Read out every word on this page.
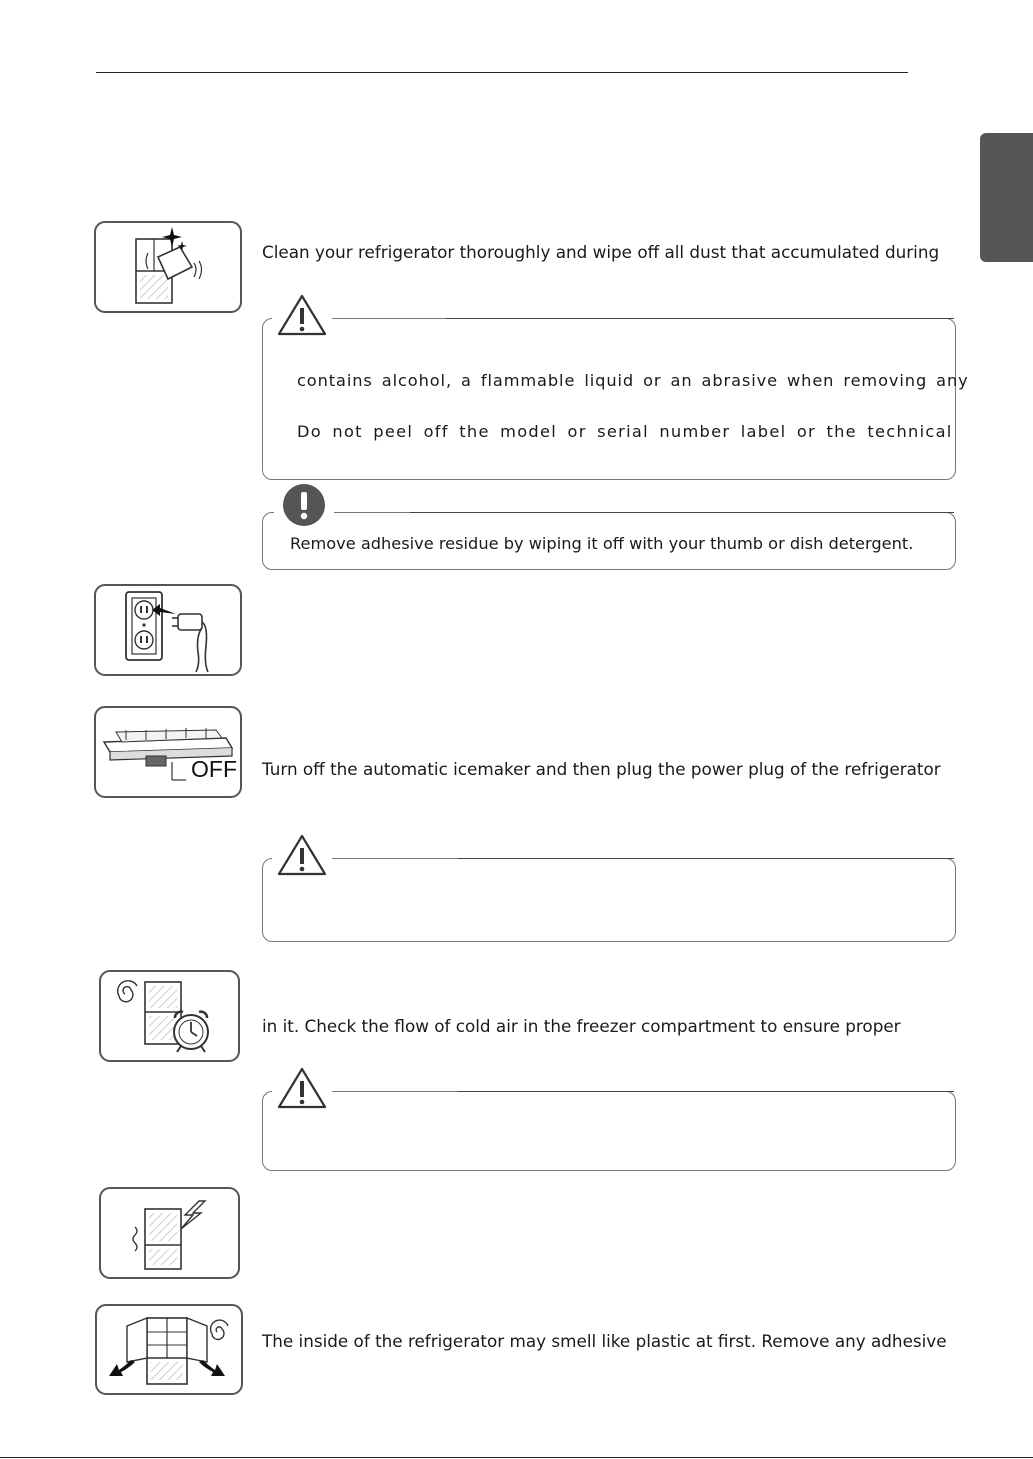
Clean your refrigerator thoroughly and wipe off all dust that accumulated during
contains alcohol, a flammable liquid or an abrasive when removing any
Do not peel off the model or serial number label or the technical
Remove adhesive residue by wiping it off with your thumb or dish detergent.
OFF Turn off the automatic icemaker and then plug the power plug of the refrigerator
in it. Check the flow of cold air in the freezer compartment to ensure proper
The inside of the refrigerator may smell like plastic at first. Remove any adhesive
